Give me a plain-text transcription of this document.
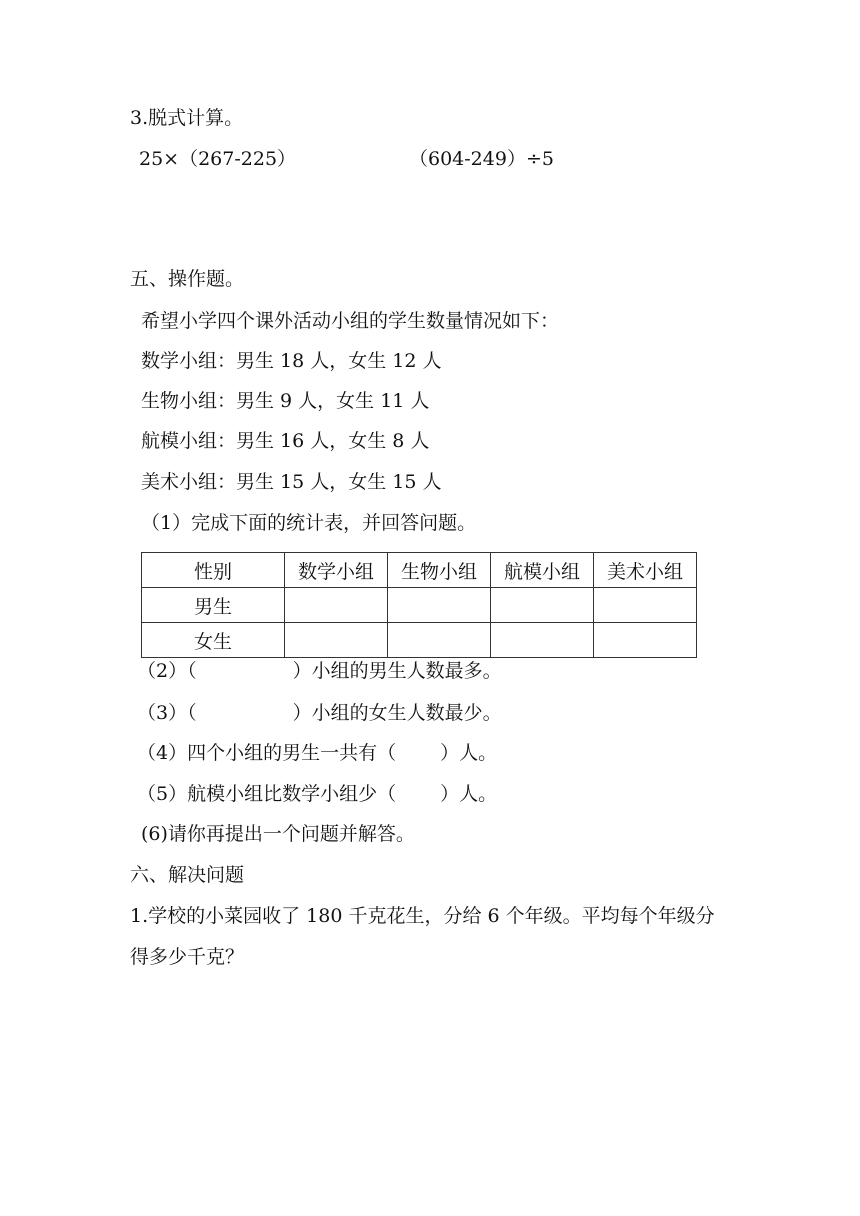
3.脱式计算。
25×（267-225）	（604-249）÷5
五、操作题。
希望小学四个课外活动小组的学生数量情况如下：
数学小组：男生 18 人，女生 12 人
生物小组：男生 9 人，女生 11 人
航模小组：男生 16 人，女生 8 人
美术小组：男生 15 人，女生 15 人
（1）完成下面的统计表，并回答问题。
性别	数学小组	生物小组	航模小组	美术小组
男生				
女生				
（2）（	）小组的男生人数最多。
（3）（	）小组的女生人数最少。
（4）四个小组的男生一共有（ ）人。
（5）航模小组比数学小组少（ ）人。
(6)请你再提出一个问题并解答。
六、解决问题
1.学校的小菜园收了 180 千克花生，分给 6 个年级。平均每个年级分
得多少千克？
